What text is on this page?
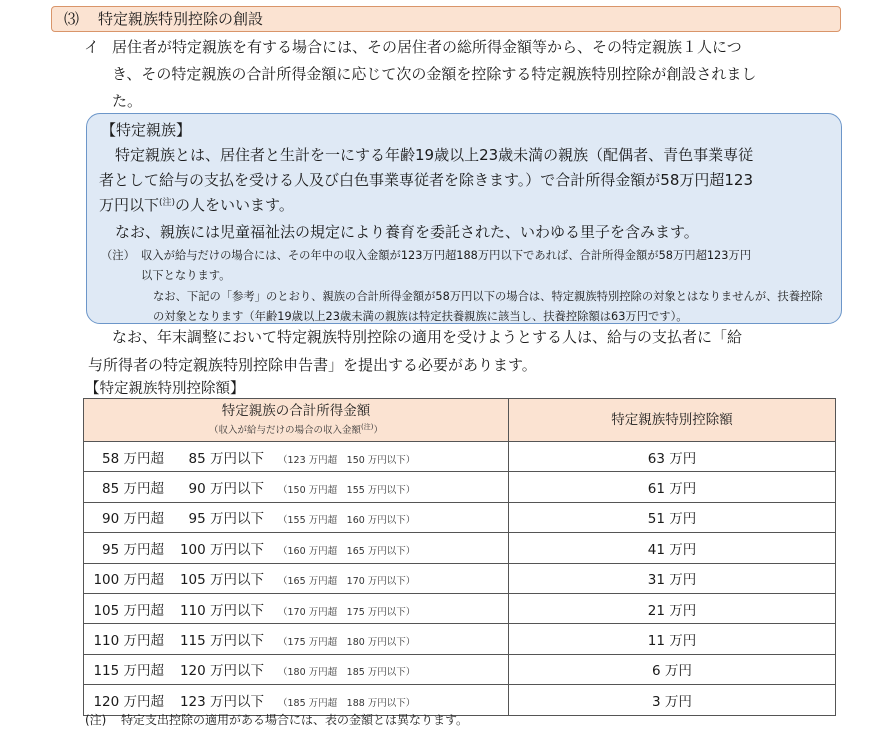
⑶ 特定親族特別控除の創設
イ 居住者が特定親族を有する場合には、その居住者の総所得金額等から、その特定親族１人につ
き、その特定親族の合計所得金額に応じて次の金額を控除する特定親族特別控除が創設されまし
た。
【特定親族】
特定親族とは、居住者と生計を一にする年齢19歳以上23歳未満の親族（配偶者、青色事業専従
者として給与の支払を受ける人及び白色事業専従者を除きます。）で合計所得金額が58万円超123
万円以下$^{(注)}$の人をいいます。
なお、親族には児童福祉法の規定により養育を委託された、いわゆる里子を含みます。
（注） 収入が給与だけの場合には、その年中の収入金額が123万円超188万円以下であれば、合計所得金額が58万円超123万円
以下となります。
なお、下記の「参考」のとおり、親族の合計所得金額が58万円以下の場合は、特定親族特別控除の対象とはなりませんが、扶養控除の対象となります（年齢19歳以上23歳未満の親族は特定扶養親族に該当し、扶養控除額は63万円です）。
なお、年末調整において特定親族特別控除の適用を受けようとする人は、給与の支払者に「給
与所得者の特定親族特別控除申告書」を提出する必要があります。
【特定親族特別控除額】
特定親族の合計所得金額
（収入が給与だけの場合の収入金額$^{(注)}$）	特定親族特別控除額

58 万円超 85 万円以下 （123 万円超　150 万円以下）	63 万円
85 万円超 90 万円以下 （150 万円超　155 万円以下）	61 万円
90 万円超 95 万円以下 （155 万円超　160 万円以下）	51 万円
95 万円超 100 万円以下 （160 万円超　165 万円以下）	41 万円
100 万円超 105 万円以下 （165 万円超　170 万円以下）	31 万円
105 万円超 110 万円以下 （170 万円超　175 万円以下）	21 万円
110 万円超 115 万円以下 （175 万円超　180 万円以下）	11 万円
115 万円超 120 万円以下 （180 万円超　185 万円以下）	6 万円
120 万円超 123 万円以下 （185 万円超　188 万円以下）	3 万円
(注) 特定支出控除の適用がある場合には、表の金額とは異なります。
